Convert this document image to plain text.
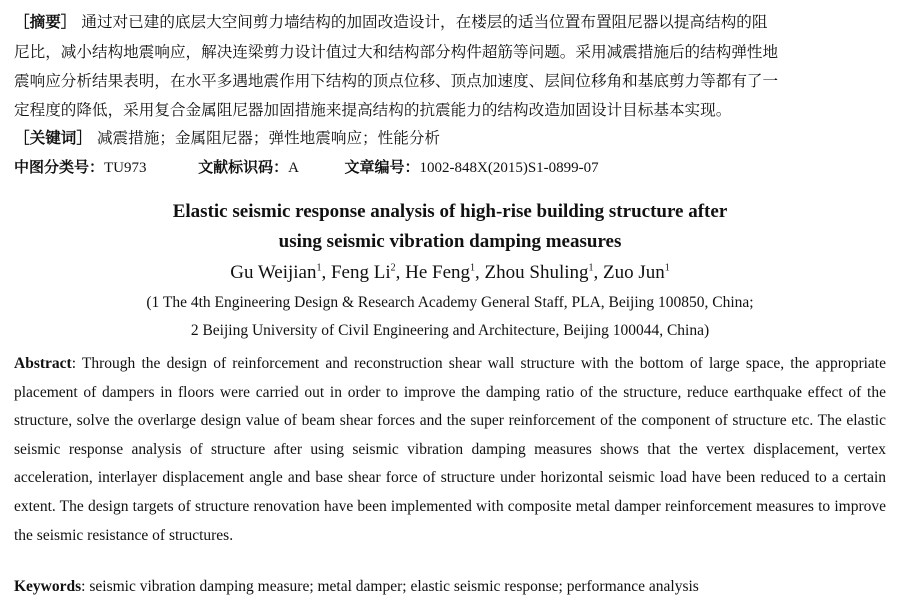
［摘要］ 通过对已建的底层大空间剪力墙结构的加固改造设计，在楼层的适当位置布置阻尼器以提高结构的阻
尼比，减小结构地震响应，解决连梁剪力设计值过大和结构部分构件超筋等问题。采用减震措施后的结构弹性地
震响应分析结果表明，在水平多遇地震作用下结构的顶点位移、顶点加速度、层间位移角和基底剪力等都有了一
定程度的降低，采用复合金属阻尼器加固措施来提高结构的抗震能力的结构改造加固设计目标基本实现。
［关键词］ 减震措施；金属阻尼器；弹性地震响应；性能分析
中图分类号：TU973	文献标识码：A	文章编号：1002-848X(2015)S1-0899-07
Elastic seismic response analysis of high-rise building structure after
using seismic vibration damping measures
Gu Weijian$^1$, Feng Li$^2$, He Feng$^1$, Zhou Shuling$^1$, Zuo Jun$^1$
(1 The 4th Engineering Design & Research Academy General Staff, PLA, Beijing 100850, China;
2 Beijing University of Civil Engineering and Architecture, Beijing 100044, China)
Abstract: Through the design of reinforcement and reconstruction shear wall structure with the bottom of large space, the appropriate placement of dampers in floors were carried out in order to improve the damping ratio of the structure, reduce earthquake effect of the structure, solve the overlarge design value of beam shear forces and the super reinforcement of the component of structure etc. The elastic seismic response analysis of structure after using seismic vibration damping measures shows that the vertex displacement, vertex acceleration, interlayer displacement angle and base shear force of structure under horizontal seismic load have been reduced to a certain extent. The design targets of structure renovation have been implemented with composite metal damper reinforcement measures to improve the seismic resistance of structures.
Keywords: seismic vibration damping measure; metal damper; elastic seismic response; performance analysis
